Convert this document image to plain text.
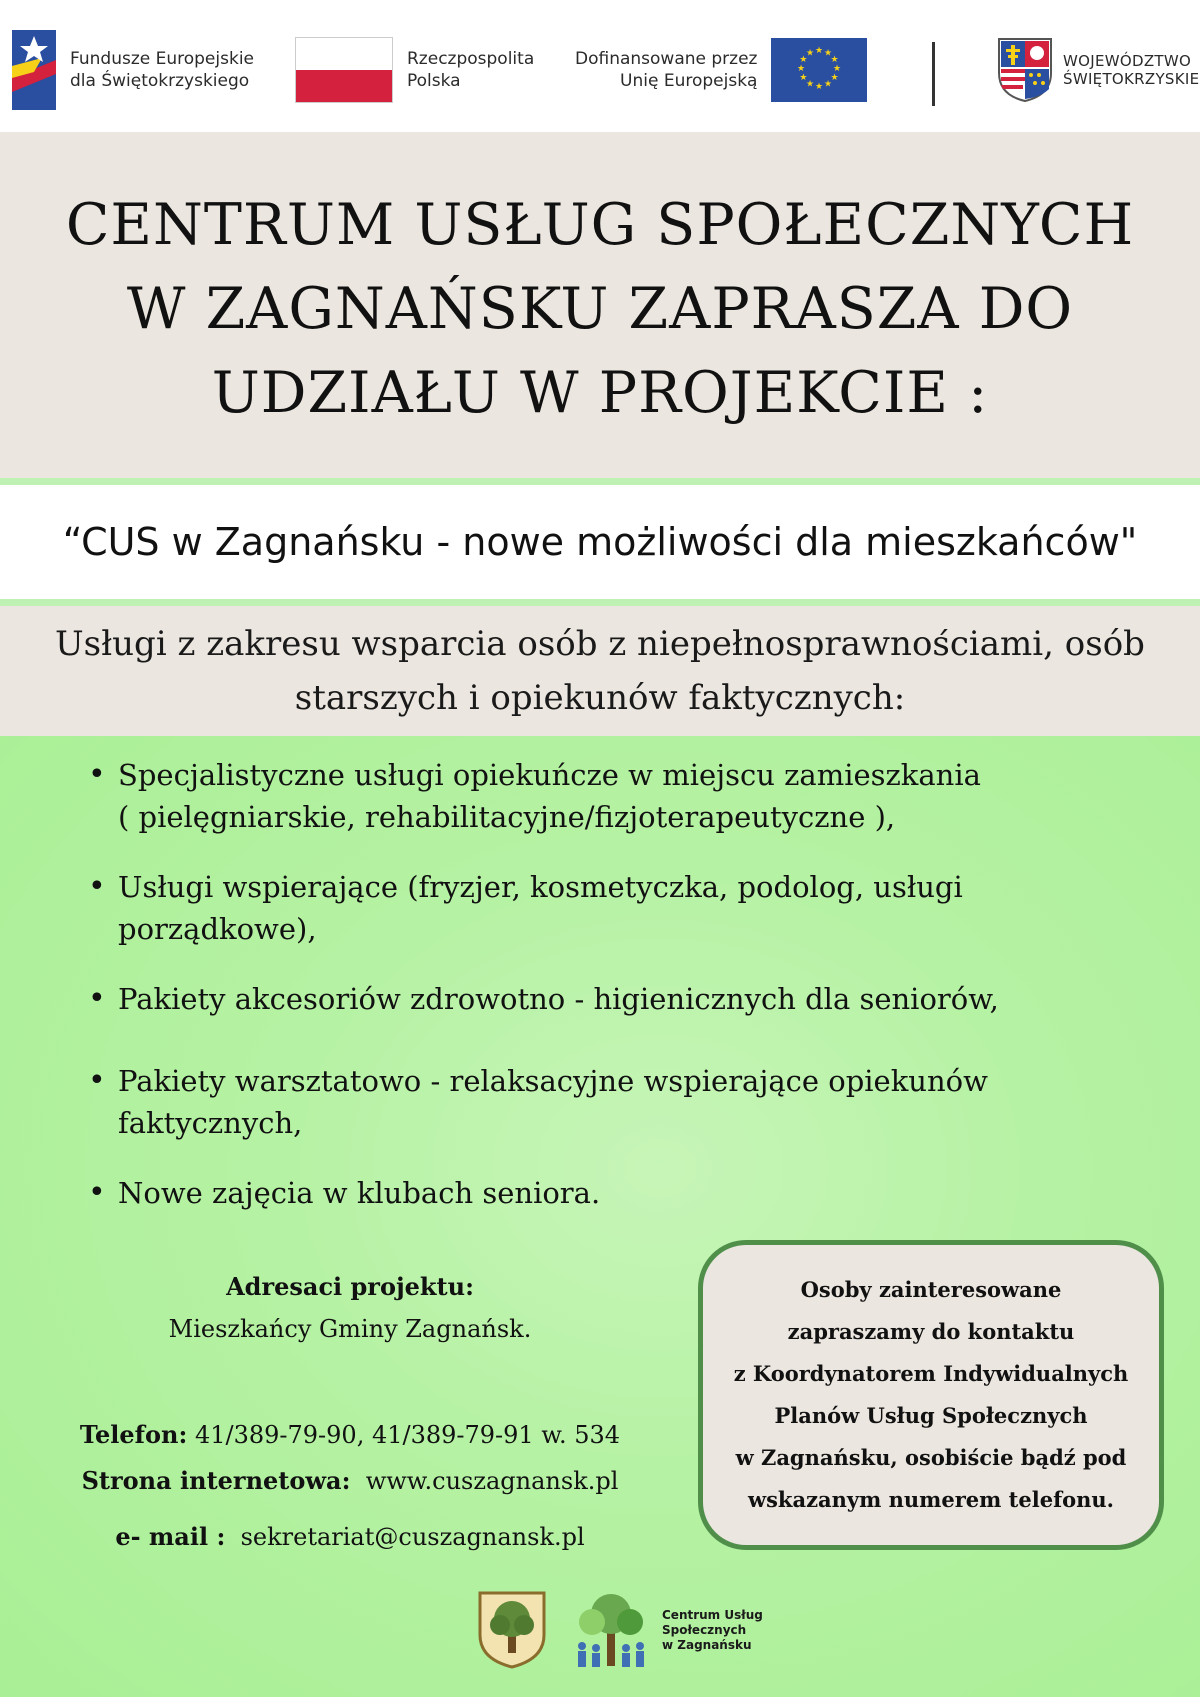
Fundusze Europejskie
dla Świętokrzyskiego
Rzeczpospolita
Polska
Dofinansowane przez
Unię Europejską
★ ★
★
★
★
★
★
★
★
★
★
★	WOJEWÓDZTWO
ŚWIĘTOKRZYSKIE
CENTRUM USŁUG SPOŁECZNYCH
W ZAGNAŃSKU ZAPRASZA DO
UDZIAŁU W PROJEKCIE :
“CUS w Zagnańsku - nowe możliwości dla mieszkańców"
Usługi z zakresu wsparcia osób z niepełnosprawnościami, osób
starszych i opiekunów faktycznych:
• Specjalistyczne usługi opiekuńcze w miejscu zamieszkania
( pielęgniarskie, rehabilitacyjne/fizjoterapeutyczne ),
• Usługi wspierające (fryzjer, kosmetyczka, podolog, usługi
porządkowe),
• Pakiety akcesoriów zdrowotno - higienicznych dla seniorów,
• Pakiety warsztatowo - relaksacyjne wspierające opiekunów
faktycznych,
• Nowe zajęcia w klubach seniora.
Adresaci projektu:
Mieszkańcy Gminy Zagnańsk.
Telefon: 41/389-79-90, 41/389-79-91 w. 534
Strona internetowa: www.cuszagnansk.pl
e- mail : sekretariat@cuszagnansk.pl
Osoby zainteresowane
zapraszamy do kontaktu
z Koordynatorem Indywidualnych
Planów Usług Społecznych
w Zagnańsku, osobiście bądź pod
wskazanym numerem telefonu.
Centrum Usług
Społecznych
w Zagnańsku
